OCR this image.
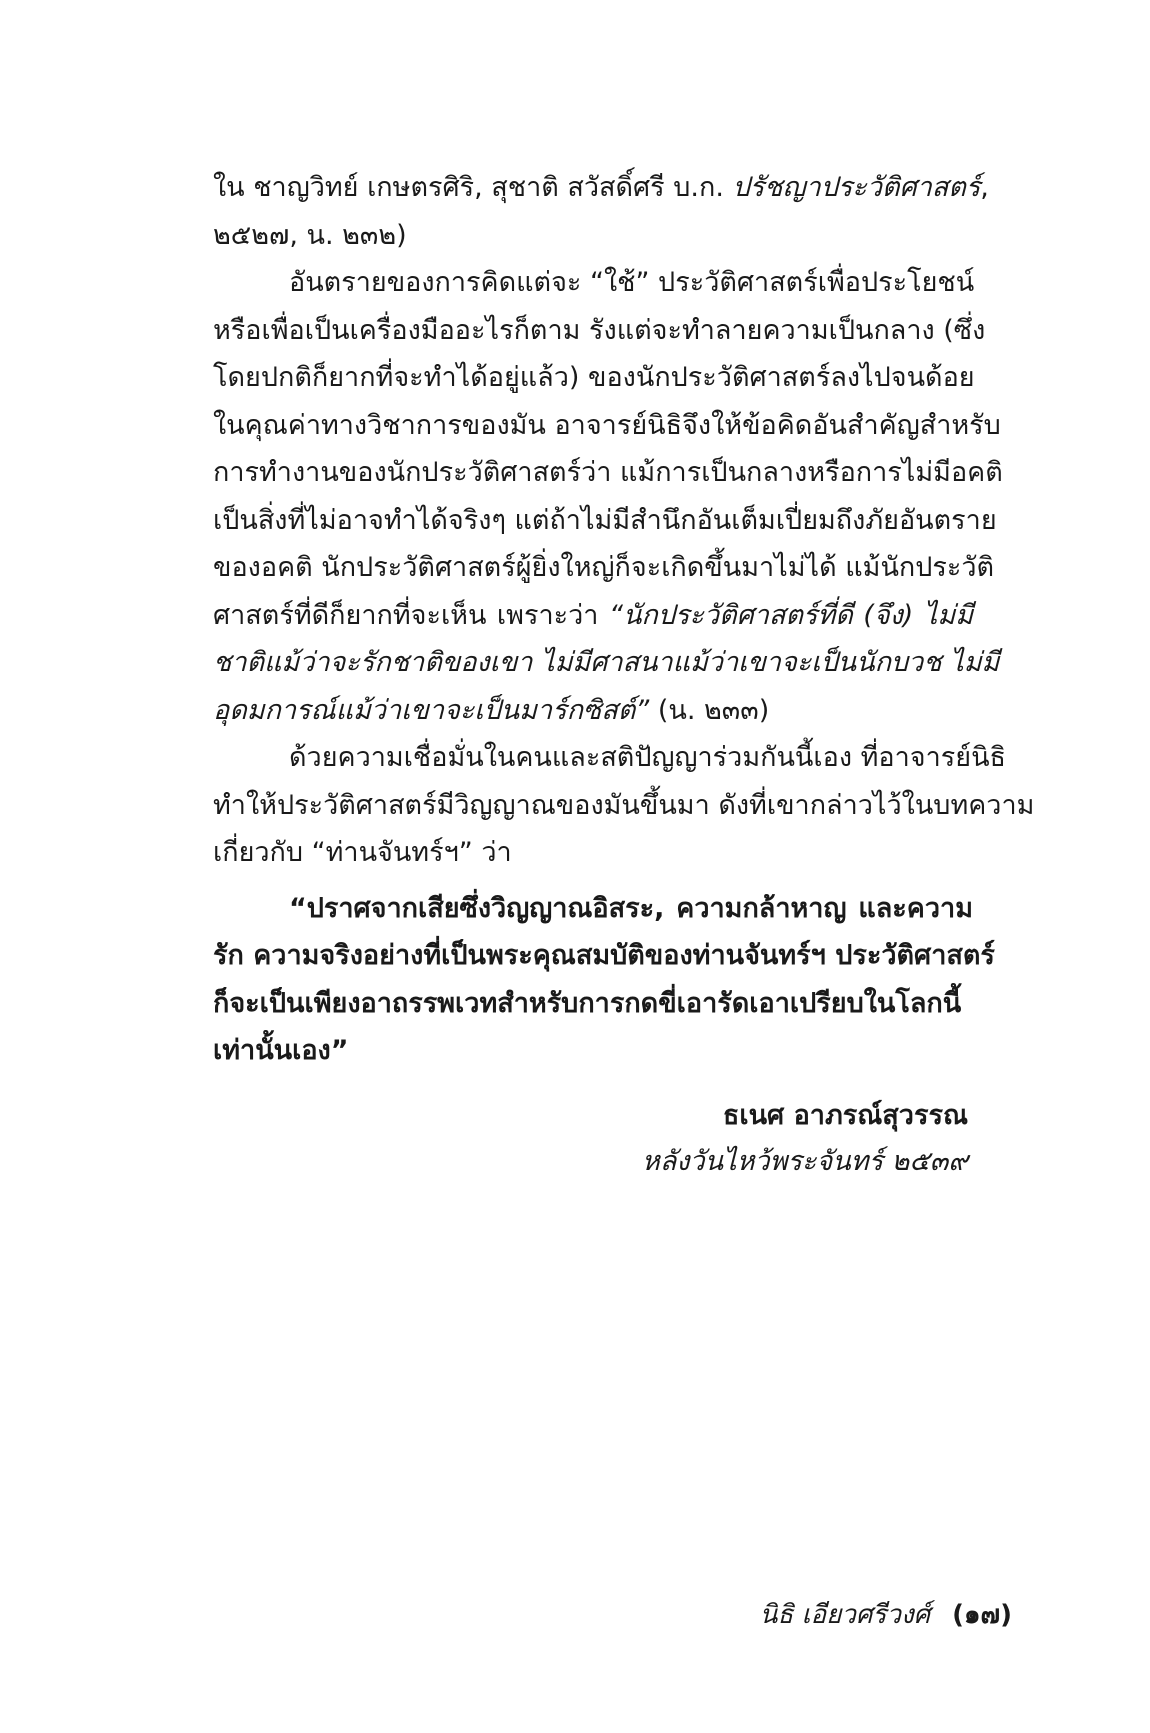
ใน ชาญวิทย์ เกษตรศิริ, สุชาติ สวัสดิ์ศรี บ.ก. ปรัชญาประวัติศาสตร์,
๒๕๒๗, น. ๒๓๒)
อันตรายของการคิดแต่จะ “ใช้” ประวัติศาสตร์เพื่อประโยชน์
หรือเพื่อเป็นเครื่องมืออะไรก็ตาม รังแต่จะทำลายความเป็นกลาง (ซึ่ง
โดยปกติก็ยากที่จะทำได้อยู่แล้ว) ของนักประวัติศาสตร์ลงไปจนด้อย
ในคุณค่าทางวิชาการของมัน อาจารย์นิธิจึงให้ข้อคิดอันสำคัญสำหรับ
การทำงานของนักประวัติศาสตร์ว่า แม้การเป็นกลางหรือการไม่มีอคติ
เป็นสิ่งที่ไม่อาจทำได้จริงๆ แต่ถ้าไม่มีสำนึกอันเต็มเปี่ยมถึงภัยอันตราย
ของอคติ นักประวัติศาสตร์ผู้ยิ่งใหญ่ก็จะเกิดขึ้นมาไม่ได้ แม้นักประวัติ
ศาสตร์ที่ดีก็ยากที่จะเห็น เพราะว่า “นักประวัติศาสตร์ที่ดี (จึง) ไม่มี
ชาติแม้ว่าจะรักชาติของเขา ไม่มีศาสนาแม้ว่าเขาจะเป็นนักบวช ไม่มี
อุดมการณ์แม้ว่าเขาจะเป็นมาร์กซิสต์” (น. ๒๓๓)
ด้วยความเชื่อมั่นในคนและสติปัญญาร่วมกันนี้เอง ที่อาจารย์นิธิ
ทำให้ประวัติศาสตร์มีวิญญาณของมันขึ้นมา ดังที่เขากล่าวไว้ในบทความ
เกี่ยวกับ “ท่านจันทร์ฯ” ว่า
“ปราศจากเสียซึ่งวิญญาณอิสระ, ความกล้าหาญ และความ
รัก ความจริงอย่างที่เป็นพระคุณสมบัติของท่านจันทร์ฯ ประวัติศาสตร์
ก็จะเป็นเพียงอาถรรพเวทสำหรับการกดขี่เอารัดเอาเปรียบในโลกนี้
เท่านั้นเอง”
ธเนศ อาภรณ์สุวรรณ
หลังวันไหว้พระจันทร์ ๒๕๓๙
นิธิ เอียวศรีวงศ์ (๑๗)
